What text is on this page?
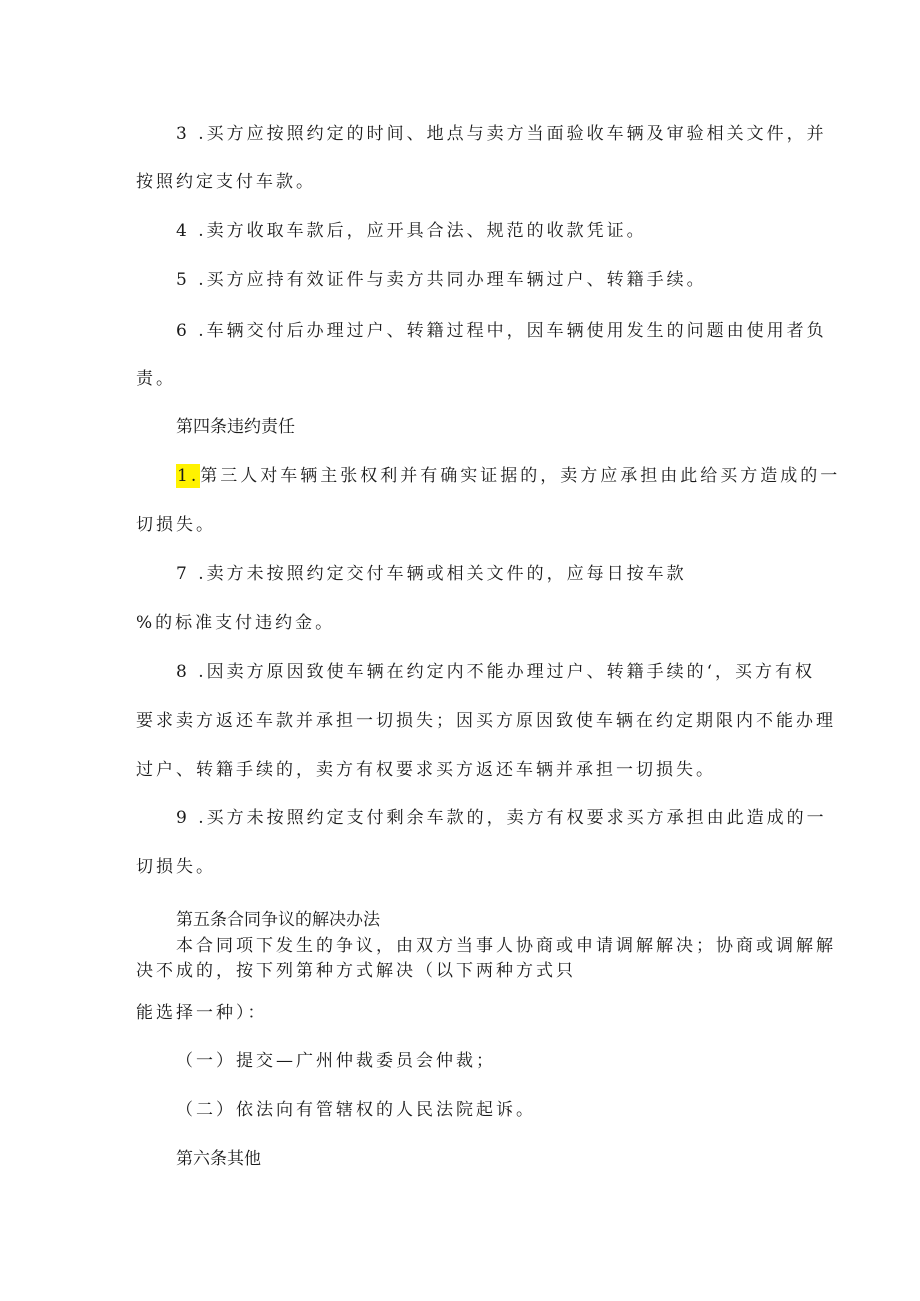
3 .买方应按照约定的时间、地点与卖方当面验收车辆及审验相关文件，并
按照约定支付车款。
4 .卖方收取车款后，应开具合法、规范的收款凭证。
5 .买方应持有效证件与卖方共同办理车辆过户、转籍手续。
6 .车辆交付后办理过户、转籍过程中，因车辆使用发生的问题由使用者负
责。
第四条违约责任
1.第三人对车辆主张权利并有确实证据的，卖方应承担由此给买方造成的一
切损失。
7 .卖方未按照约定交付车辆或相关文件的，应每日按车款
%的标准支付违约金。
8 .因卖方原因致使车辆在约定内不能办理过户、转籍手续的‘，买方有权
要求卖方返还车款并承担一切损失；因买方原因致使车辆在约定期限内不能办理
过户、转籍手续的，卖方有权要求买方返还车辆并承担一切损失。
9 .买方未按照约定支付剩余车款的，卖方有权要求买方承担由此造成的一
切损失。
第五条合同争议的解决办法
本合同项下发生的争议，由双方当事人协商或申请调解解决；协商或调解解
决不成的，按下列第种方式解决（以下两种方式只
能选择一种）：
（一）提交—广州仲裁委员会仲裁；
（二）依法向有管辖权的人民法院起诉。
第六条其他
